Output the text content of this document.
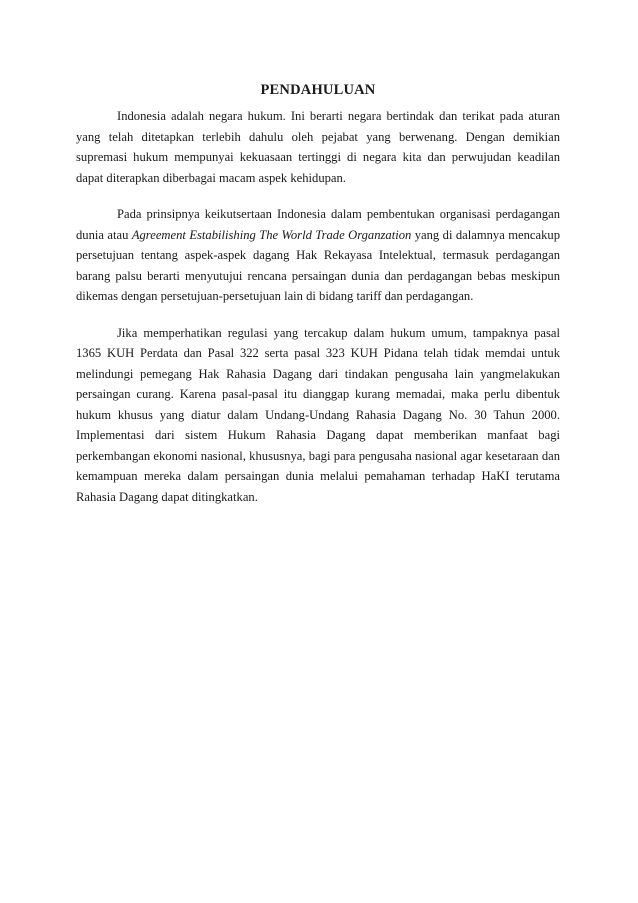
PENDAHULUAN

Indonesia adalah negara hukum. Ini berarti negara bertindak dan terikat pada aturan yang telah ditetapkan terlebih dahulu oleh pejabat yang berwenang. Dengan demikian supremasi hukum mempunyai kekuasaan tertinggi di negara kita dan perwujudan keadilan dapat diterapkan diberbagai macam aspek kehidupan.

Pada prinsipnya keikutsertaan Indonesia dalam pembentukan organisasi perdagangan dunia atau Agreement Estabilishing The World Trade Organzation yang di dalamnya mencakup persetujuan tentang aspek-aspek dagang Hak Rekayasa Intelektual, termasuk perdagangan barang palsu berarti menyutujui rencana persaingan dunia dan perdagangan bebas meskipun dikemas dengan persetujuan-persetujuan lain di bidang tariff dan perdagangan.

Jika memperhatikan regulasi yang tercakup dalam hukum umum, tampaknya pasal 1365 KUH Perdata dan Pasal 322 serta pasal 323 KUH Pidana telah tidak memdai untuk melindungi pemegang Hak Rahasia Dagang dari tindakan pengusaha lain yangmelakukan persaingan curang. Karena pasal-pasal itu dianggap kurang memadai, maka perlu dibentuk hukum khusus yang diatur dalam Undang-Undang Rahasia Dagang No. 30 Tahun 2000. Implementasi dari sistem Hukum Rahasia Dagang dapat memberikan manfaat bagi perkembangan ekonomi nasional, khususnya, bagi para pengusaha nasional agar kesetaraan dan kemampuan mereka dalam persaingan dunia melalui pemahaman terhadap HaKI terutama Rahasia Dagang dapat ditingkatkan.
